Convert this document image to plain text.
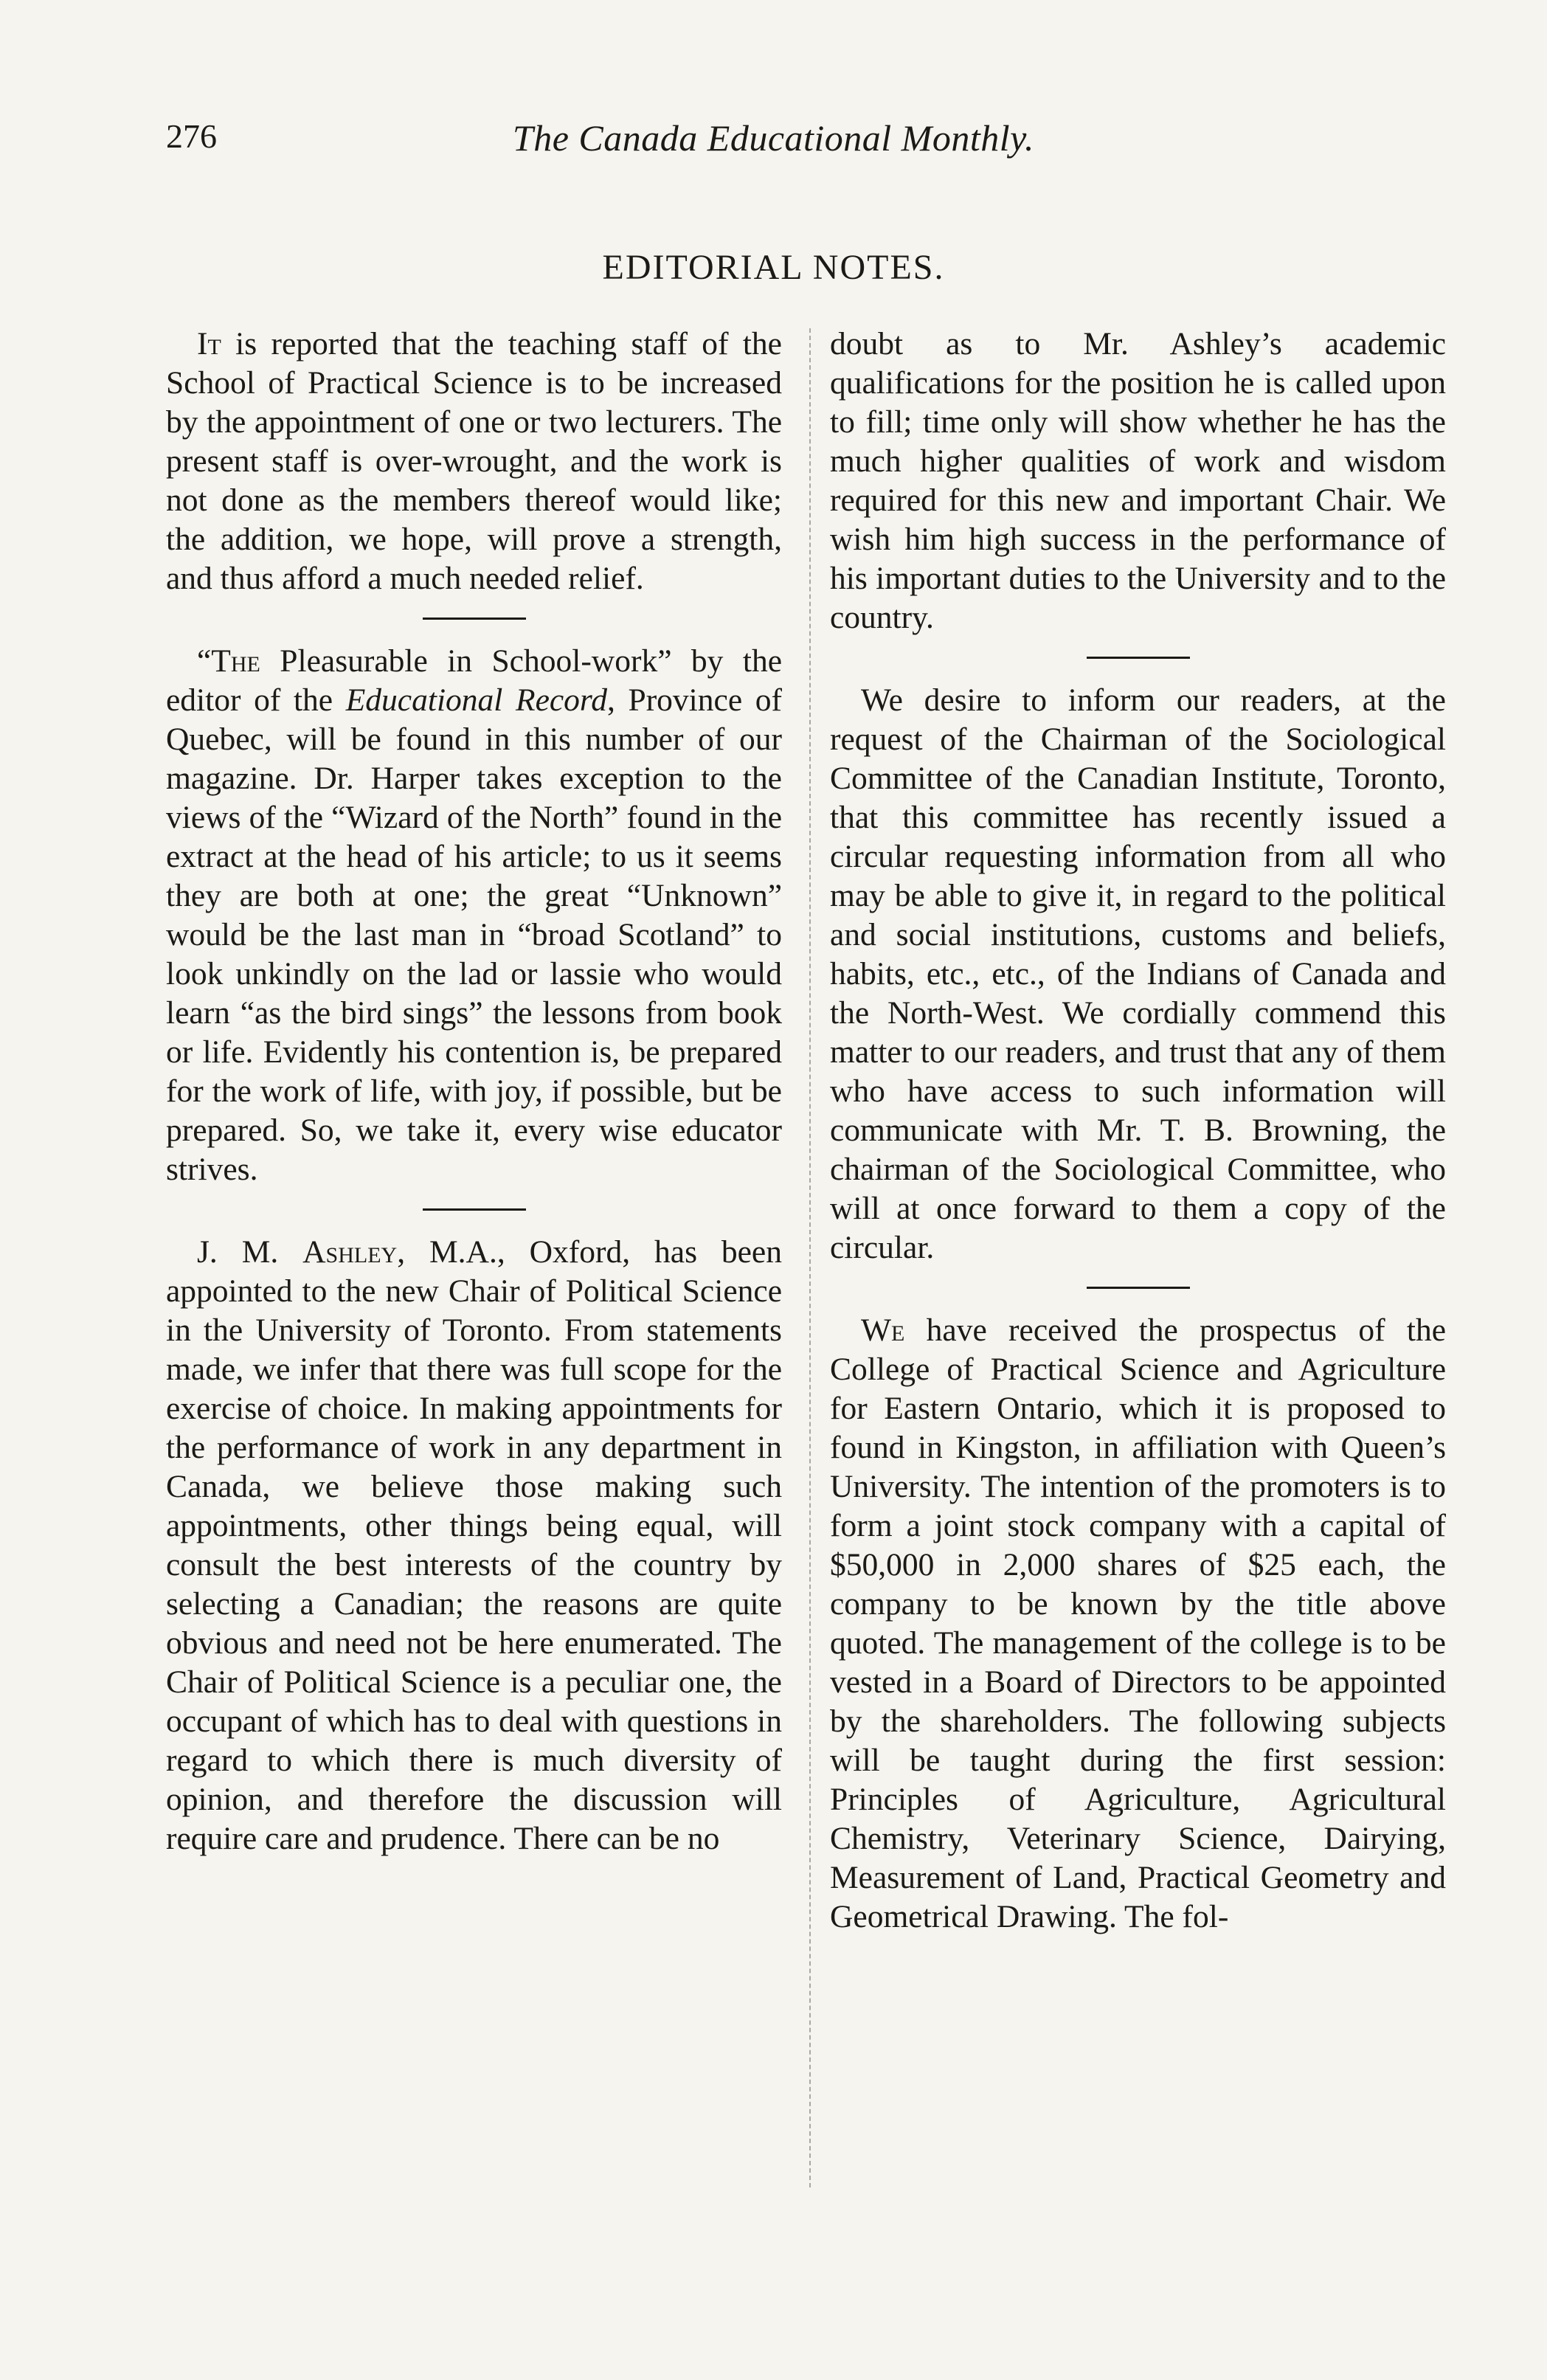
276	The Canada Educational Monthly.
EDITORIAL NOTES.

It is reported that the teaching staff of the School of Practical Science is to be increased by the appointment of one or two lecturers. The present staff is over-wrought, and the work is not done as the members thereof would like; the addition, we hope, will prove a strength, and thus afford a much needed relief.

“The Pleasurable in School-work” by the editor of the Educational Record, Province of Quebec, will be found in this number of our magazine. Dr. Harper takes exception to the views of the “Wizard of the North” found in the extract at the head of his article; to us it seems they are both at one; the great “Unknown” would be the last man in “broad Scotland” to look unkindly on the lad or lassie who would learn “as the bird sings” the lessons from book or life. Evidently his contention is, be prepared for the work of life, with joy, if possible, but be prepared. So, we take it, every wise educator strives.

J. M. Ashley, M.A., Oxford, has been appointed to the new Chair of Political Science in the University of Toronto. From statements made, we infer that there was full scope for the exercise of choice. In making appointments for the performance of work in any department in Canada, we believe those making such appointments, other things being equal, will consult the best interests of the country by selecting a Canadian; the reasons are quite obvious and need not be here enumerated. The Chair of Political Science is a peculiar one, the occupant of which has to deal with questions in regard to which there is much diversity of opinion, and therefore the discussion will require care and prudence. There can be no

doubt as to Mr. Ashley’s academic qualifications for the position he is called upon to fill; time only will show whether he has the much higher qualities of work and wisdom required for this new and important Chair. We wish him high success in the performance of his important duties to the University and to the country.

We desire to inform our readers, at the request of the Chairman of the Sociological Committee of the Canadian Institute, Toronto, that this committee has recently issued a circular requesting information from all who may be able to give it, in regard to the political and social institutions, customs and beliefs, habits, etc., etc., of the Indians of Canada and the North-West. We cordially commend this matter to our readers, and trust that any of them who have access to such information will communicate with Mr. T. B. Browning, the chairman of the Sociological Committee, who will at once forward to them a copy of the circular.

We have received the prospectus of the College of Practical Science and Agriculture for Eastern Ontario, which it is proposed to found in Kingston, in affiliation with Queen’s University. The intention of the promoters is to form a joint stock company with a capital of $50,000 in 2,000 shares of $25 each, the company to be known by the title above quoted. The management of the college is to be vested in a Board of Directors to be appointed by the shareholders. The following subjects will be taught during the first session: Principles of Agriculture, Agricultural Chemistry, Veterinary Science, Dairying, Measurement of Land, Practical Geometry and Geometrical Drawing. The fol-
